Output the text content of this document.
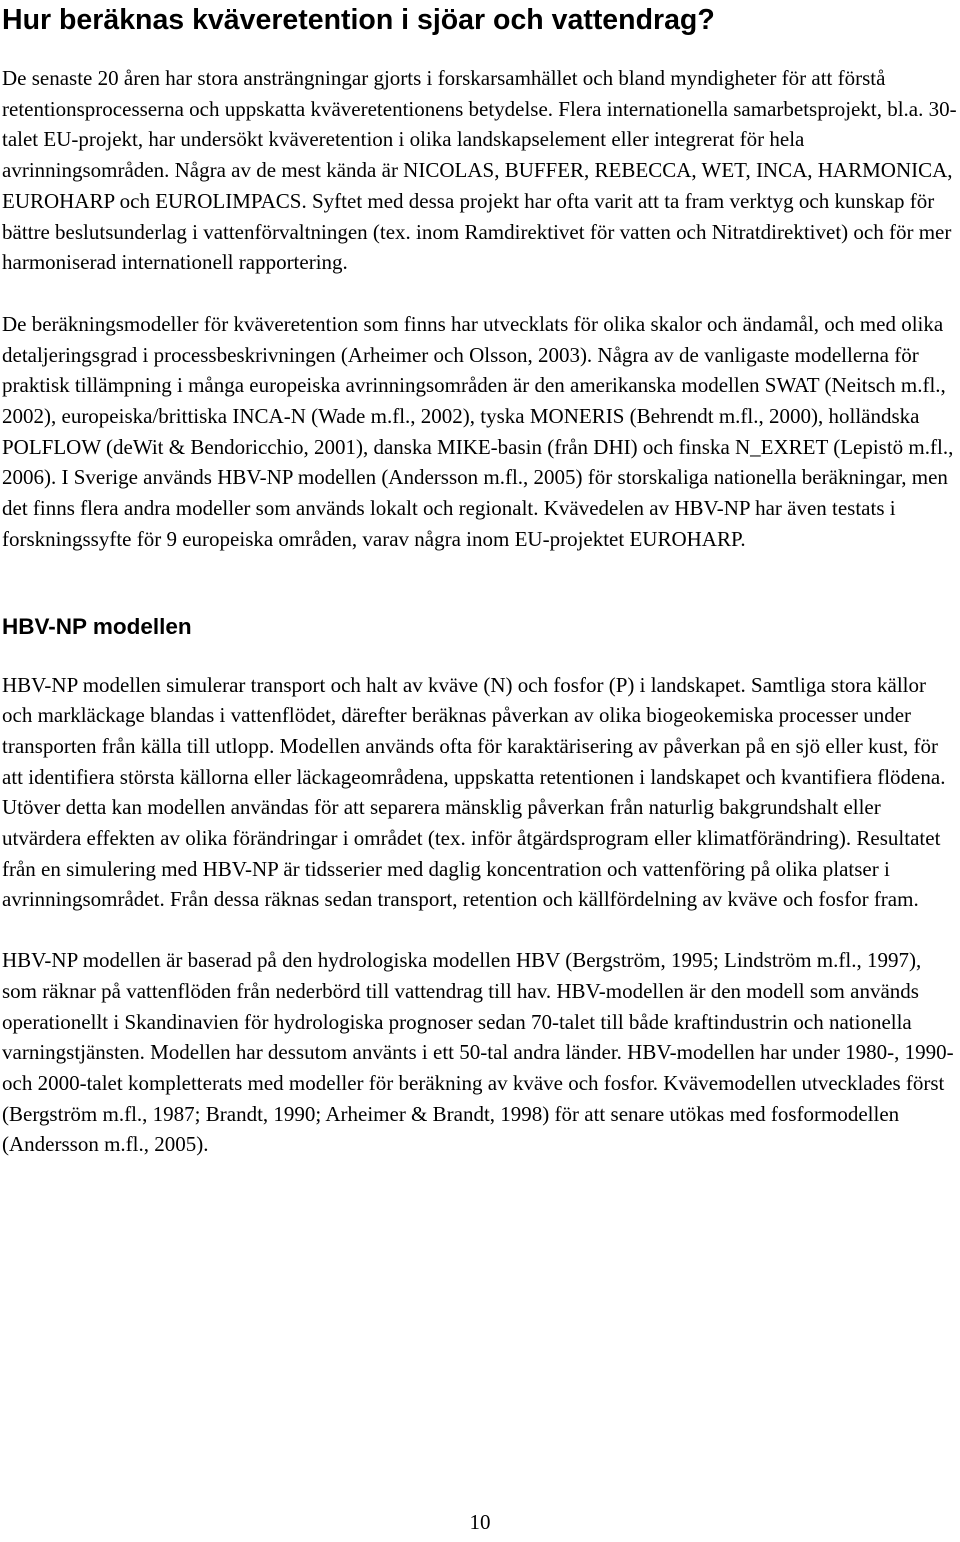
Hur beräknas kväveretention i sjöar och vattendrag?

De senaste 20 åren har stora ansträngningar gjorts i forskarsamhället och bland myndigheter för att förstå retentionsprocesserna och uppskatta kväveretentionens betydelse. Flera internationella samarbetsprojekt, bl.a. 30-talet EU-projekt, har undersökt kväveretention i olika landskapselement eller integrerat för hela avrinningsområden. Några av de mest kända är NICOLAS, BUFFER, REBECCA, WET, INCA, HARMONICA, EUROHARP och EUROLIMPACS. Syftet med dessa projekt har ofta varit att ta fram verktyg och kunskap för bättre beslutsunderlag i vattenförvaltningen (tex. inom Ramdirektivet för vatten och Nitratdirektivet) och för mer harmoniserad internationell rapportering.

De beräkningsmodeller för kväveretention som finns har utvecklats för olika skalor och ändamål, och med olika detaljeringsgrad i processbeskrivningen (Arheimer och Olsson, 2003). Några av de vanligaste modellerna för praktisk tillämpning i många europeiska avrinningsområden är den amerikanska modellen SWAT (Neitsch m.fl., 2002), europeiska/brittiska INCA-N (Wade m.fl., 2002), tyska MONERIS (Behrendt m.fl., 2000), holländska POLFLOW (deWit & Bendoricchio, 2001), danska MIKE-basin (från DHI) och finska N_EXRET (Lepistö m.fl., 2006). I Sverige används HBV-NP modellen (Andersson m.fl., 2005) för storskaliga nationella beräkningar, men det finns flera andra modeller som används lokalt och regionalt. Kvävedelen av HBV-NP har även testats i forskningssyfte för 9 europeiska områden, varav några inom EU-projektet EUROHARP.

HBV-NP modellen

HBV-NP modellen simulerar transport och halt av kväve (N) och fosfor (P) i landskapet. Samtliga stora källor och markläckage blandas i vattenflödet, därefter beräknas påverkan av olika biogeokemiska processer under transporten från källa till utlopp. Modellen används ofta för karaktärisering av påverkan på en sjö eller kust, för att identifiera största källorna eller läckageområdena, uppskatta retentionen i landskapet och kvantifiera flödena. Utöver detta kan modellen användas för att separera mänsklig påverkan från naturlig bakgrundshalt eller utvärdera effekten av olika förändringar i området (tex. inför åtgärdsprogram eller klimatförändring). Resultatet från en simulering med HBV-NP är tidsserier med daglig koncentration och vattenföring på olika platser i avrinningsområdet. Från dessa räknas sedan transport, retention och källfördelning av kväve och fosfor fram.

HBV-NP modellen är baserad på den hydrologiska modellen HBV (Bergström, 1995; Lindström m.fl., 1997), som räknar på vattenflöden från nederbörd till vattendrag till hav. HBV-modellen är den modell som används operationellt i Skandinavien för hydrologiska prognoser sedan 70-talet till både kraftindustrin och nationella varningstjänsten. Modellen har dessutom använts i ett 50-tal andra länder. HBV-modellen har under 1980-, 1990- och 2000-talet kompletterats med modeller för beräkning av kväve och fosfor. Kvävemodellen utvecklades först (Bergström m.fl., 1987; Brandt, 1990; Arheimer & Brandt, 1998) för att senare utökas med fosformodellen (Andersson m.fl., 2005).

10
